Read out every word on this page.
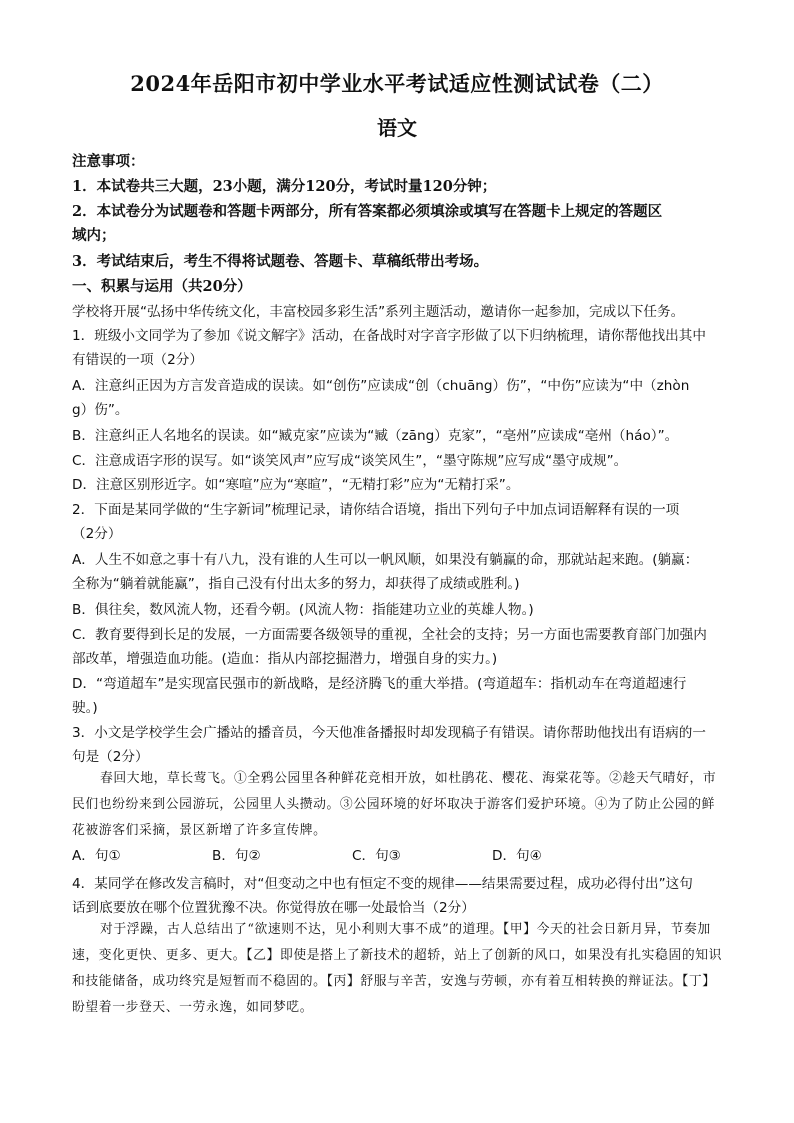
2024年岳阳市初中学业水平考试适应性测试试卷（二）
语文
注意事项：
1．本试卷共三大题，23小题，满分120分，考试时量120分钟；
2．本试卷分为试题卷和答题卡两部分，所有答案都必须填涂或填写在答题卡上规定的答题区
域内；
3．考试结束后，考生不得将试题卷、答题卡、草稿纸带出考场。
一、积累与运用（共20分）
学校将开展“弘扬中华传统文化，丰富校园多彩生活”系列主题活动，邀请你一起参加，完成以下任务。
1．班级小文同学为了参加《说文解字》活动，在备战时对字音字形做了以下归纳梳理，请你帮他找出其中
有错误的一项（2分）
A．注意纠正因为方言发音造成的误读。如“创伤”应读成“创（chuāng）伤”，“中伤”应读为“中（zhòn
g）伤”。
B．注意纠正人名地名的误读。如“臧克家”应读为“臧（zāng）克家”，“亳州”应读成“亳州（háo）”。
C．注意成语字形的误写。如“谈笑风声”应写成“谈笑风生”，“墨守陈规”应写成“墨守成规”。
D．注意区别形近字。如“寒喧”应为“寒暄”，“无精打彩”应为“无精打采”。
2．下面是某同学做的“生字新词”梳理记录，请你结合语境，指出下列句子中加点词语解释有误的一项
（2分）
A．人生不如意之事十有八九，没有谁的人生可以一帆风顺，如果没有躺赢的命，那就站起来跑。(躺赢：
全称为“躺着就能赢”，指自己没有付出太多的努力，却获得了成绩或胜利。)
B．俱往矣，数风流人物，还看今朝。(风流人物：指能建功立业的英雄人物。)
C．教育要得到长足的发展，一方面需要各级领导的重视，全社会的支持；另一方面也需要教育部门加强内
部改革，增强造血功能。(造血：指从内部挖掘潜力，增强自身的实力。)
D．“弯道超车”是实现富民强市的新战略，是经济腾飞的重大举措。(弯道超车：指机动车在弯道超速行
驶。)
3．小文是学校学生会广播站的播音员，今天他准备播报时却发现稿子有错误。请你帮助他找出有语病的一
句是（2分）
春回大地，草长莺飞。①全鸦公园里各种鲜花竞相开放，如杜鹃花、樱花、海棠花等。②趁天气晴好，市民们也纷纷来到公园游玩，公园里人头攒动。③公园环境的好坏取决于游客们爱护环境。④为了防止公园的鲜花被游客们采摘，景区新增了许多宣传牌。
A．句①	B．句②	C．句③	D．句④
4．某同学在修改发言稿时，对“但变动之中也有恒定不变的规律——结果需要过程，成功必得付出”这句
话到底要放在哪个位置犹豫不决。你觉得放在哪一处最恰当（2分）
对于浮躁，古人总结出了“欲速则不达，见小利则大事不成”的道理。【甲】今天的社会日新月异，节奏加速，变化更快、更多、更大。【乙】即使是搭上了新技术的超轿，站上了创新的风口，如果没有扎实稳固的知识和技能储备，成功终究是短暂而不稳固的。【丙】舒服与辛苦，安逸与劳顿，亦有着互相转换的辩证法。【丁】盼望着一步登天、一劳永逸，如同梦呓。
